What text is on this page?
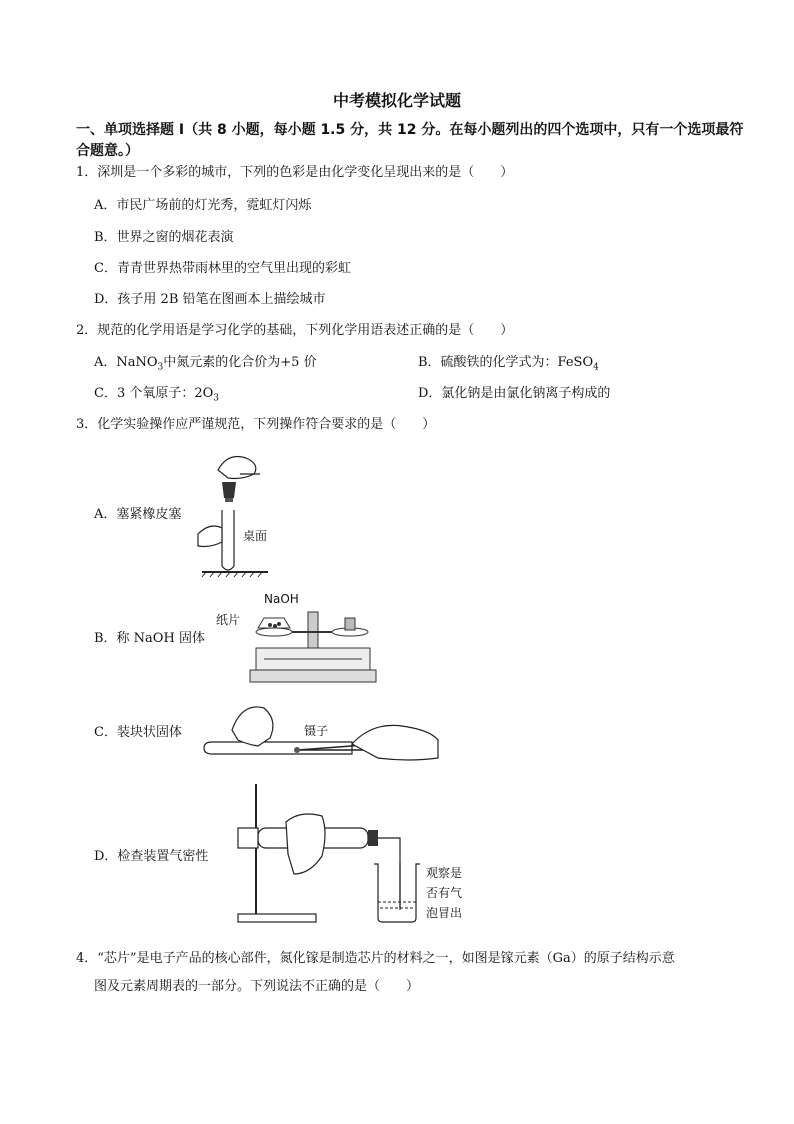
中考模拟化学试题
一、单项选择题 I（共 8 小题，每小题 1.5 分，共 12 分。在每小题列出的四个选项中，只有一个选项最符合题意。）
1．深圳是一个多彩的城市，下列的色彩是由化学变化呈现出来的是（　　）
A．市民广场前的灯光秀，霓虹灯闪烁
B．世界之窗的烟花表演
C．青青世界热带雨林里的空气里出现的彩虹
D．孩子用 2B 铅笔在图画本上描绘城市
2．规范的化学用语是学习化学的基础，下列化学用语表述正确的是（　　）
A．NaNO$_3$中氮元素的化合价为+5 价	B．硫酸铁的化学式为：FeSO$_4$
C．3 个氧原子：$2O_3$	D．氯化钠是由氯化钠离子构成的
3．化学实验操作应严谨规范，下列操作符合要求的是（　　）
A．塞紧橡皮塞
桌面
B．称 NaOH 固体
NaOH
纸片
C．装块状固体	镊子
D．检查装置气密性
观察是
否有气
泡冒出
4．“芯片”是电子产品的核心部件，氮化镓是制造芯片的材料之一，如图是镓元素（Ga）的原子结构示意
图及元素周期表的一部分。下列说法不正确的是（　　）
